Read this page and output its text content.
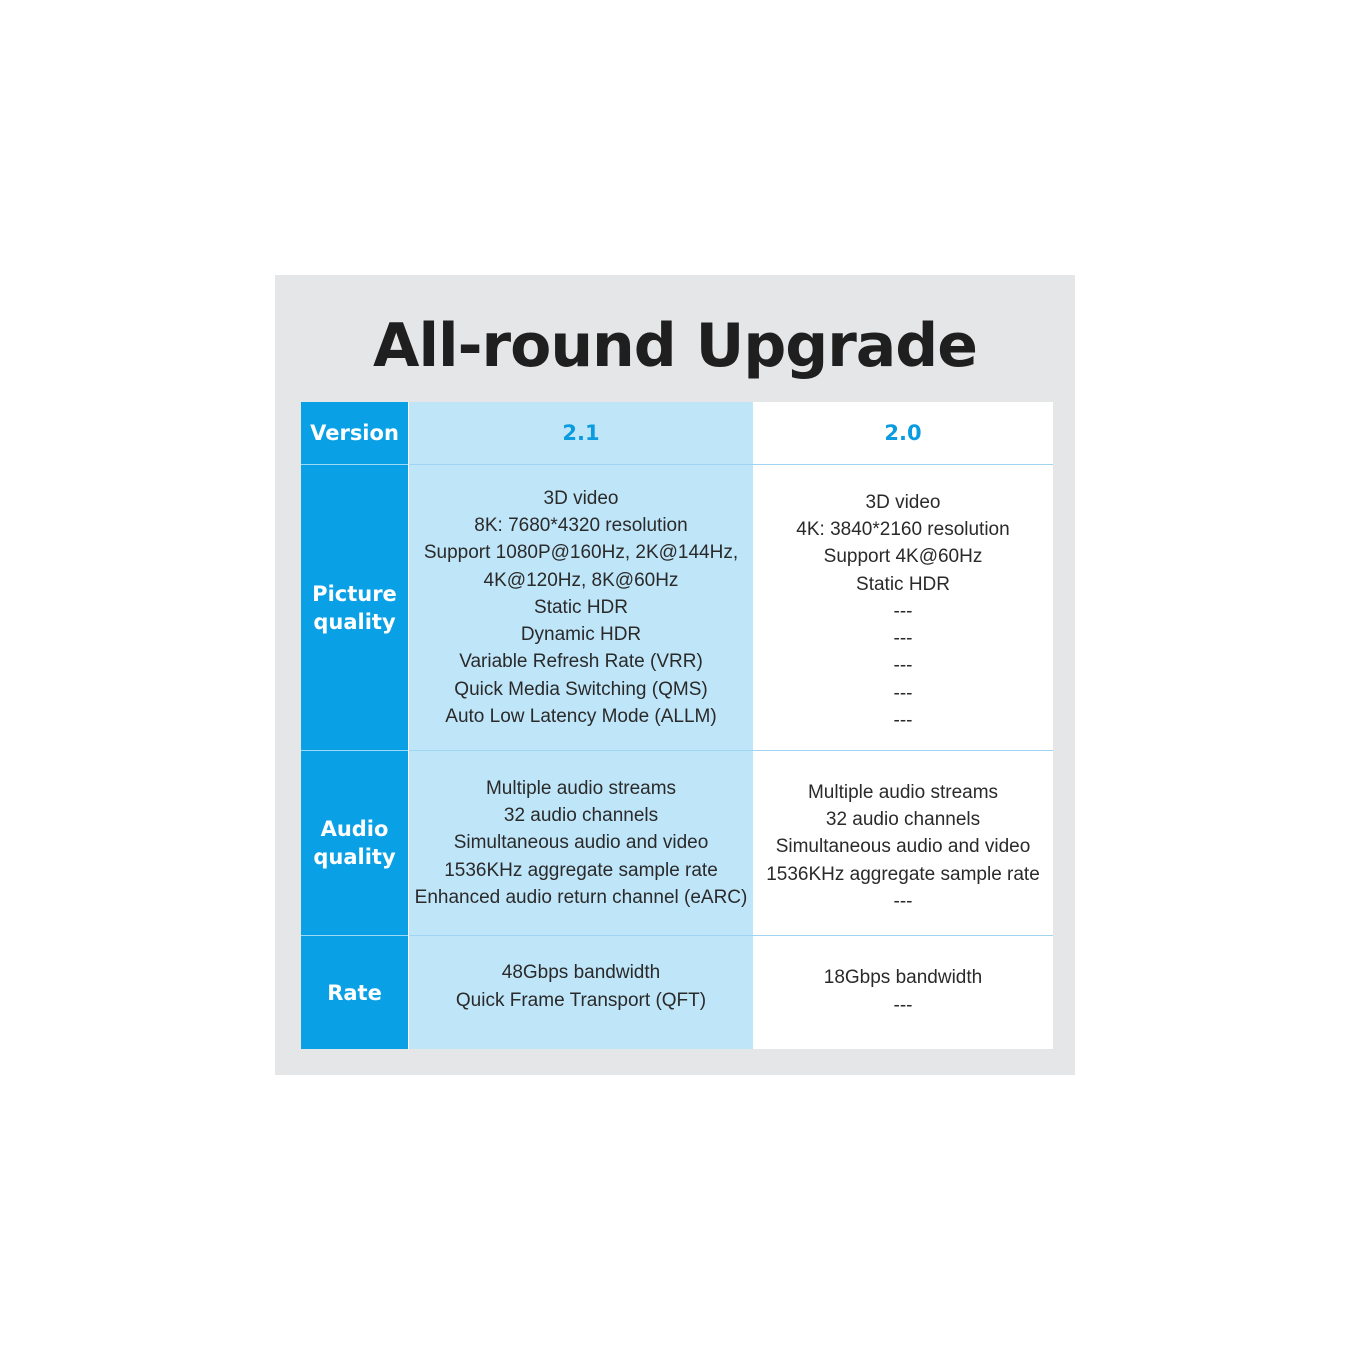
All-round Upgrade
Version	2.1	2.0
Picture
quality
3D video
8K: 7680*4320 resolution
Support 1080P@160Hz, 2K@144Hz,
4K@120Hz, 8K@60Hz
Static HDR
Dynamic HDR
Variable Refresh Rate (VRR)
Quick Media Switching (QMS)
Auto Low Latency Mode (ALLM)
3D video
4K: 3840*2160 resolution
Support 4K@60Hz
Static HDR
---
---
---
---
---
Audio
quality
Multiple audio streams
32 audio channels
Simultaneous audio and video
1536KHz aggregate sample rate
Enhanced audio return channel (eARC)
Multiple audio streams
32 audio channels
Simultaneous audio and video
1536KHz aggregate sample rate
---
Rate
48Gbps bandwidth
Quick Frame Transport (QFT)
18Gbps bandwidth
---
